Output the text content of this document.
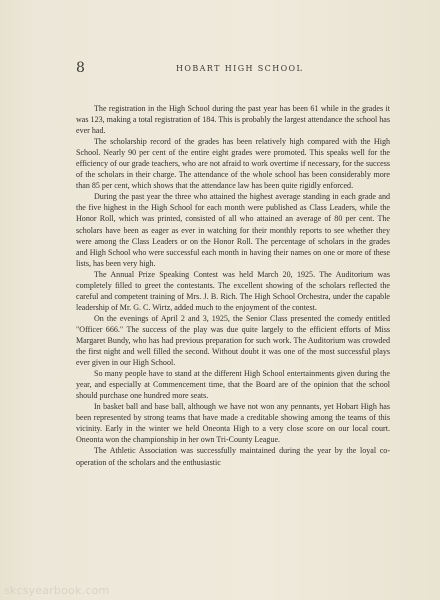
8	HOBART HIGH SCHOOL

The registration in the High School during the past year has been 61 while in the grades it was 123, making a total registration of 184. This is probably the largest attendance the school has ever had.

The scholarship record of the grades has been relatively high compared with the High School. Nearly 90 per cent of the entire eight grades were promoted. This speaks well for the efficiency of our grade teachers, who are not afraid to work overtime if necessary, for the success of the scholars in their charge. The attendance of the whole school has been considerably more than 85 per cent, which shows that the attendance law has been quite rigidly enforced.

During the past year the three who attained the highest average standing in each grade and the five highest in the High School for each month were published as Class Leaders, while the Honor Roll, which was printed, consisted of all who attained an average of 80 per cent. The scholars have been as eager as ever in watching for their monthly reports to see whether they were among the Class Leaders or on the Honor Roll. The percentage of scholars in the grades and High School who were successful each month in having their names on one or more of these lists, has been very high.

The Annual Prize Speaking Contest was held March 20, 1925. The Auditorium was completely filled to greet the contestants. The excellent showing of the scholars reflected the careful and competent training of Mrs. J. B. Rich. The High School Orchestra, under the capable leadership of Mr. G. C. Wirtz, added much to the enjoyment of the contest.

On the evenings of April 2 and 3, 1925, the Senior Class presented the comedy entitled "Officer 666." The success of the play was due quite largely to the efficient efforts of Miss Margaret Bundy, who has had previous preparation for such work. The Auditorium was crowded the first night and well filled the second. Without doubt it was one of the most successful plays ever given in our High School.

So many people have to stand at the different High School entertainments given during the year, and especially at Commencement time, that the Board are of the opinion that the school should purchase one hundred more seats.

In basket ball and base ball, although we have not won any pennants, yet Hobart High has been represented by strong teams that have made a creditable showing among the teams of this vicinity. Early in the winter we held Oneonta High to a very close score on our local court. Oneonta won the championship in her own Tri-County League.

The Athletic Association was successfully maintained during the year by the loyal co-operation of the scholars and the enthusiastic

skcsyearbook.com
